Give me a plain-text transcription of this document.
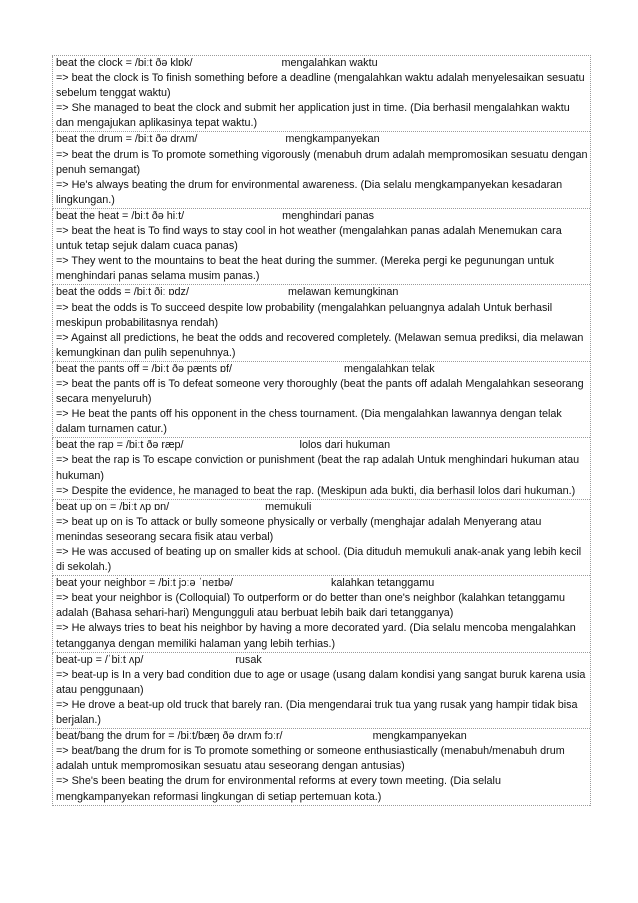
beat the clock = /biːt ðə klɒk/	mengalahkan waktu
=> beat the clock is To finish something before a deadline (mengalahkan waktu adalah menyelesaikan sesuatu sebelum tenggat waktu)
=> She managed to beat the clock and submit her application just in time. (Dia berhasil mengalahkan waktu dan mengajukan aplikasinya tepat waktu.)
beat the drum = /biːt ðə drʌm/	mengkampanyekan
=> beat the drum is To promote something vigorously (menabuh drum adalah mempromosikan sesuatu dengan penuh semangat)
=> He's always beating the drum for environmental awareness. (Dia selalu mengkampanyekan kesadaran lingkungan.)
beat the heat = /biːt ðə hiːt/	menghindari panas
=> beat the heat is To find ways to stay cool in hot weather (mengalahkan panas adalah Menemukan cara untuk tetap sejuk dalam cuaca panas)
=> They went to the mountains to beat the heat during the summer. (Mereka pergi ke pegunungan untuk menghindari panas selama musim panas.)
beat the odds = /biːt ðiː ɒdz/	melawan kemungkinan
=> beat the odds is To succeed despite low probability (mengalahkan peluangnya adalah Untuk berhasil meskipun probabilitasnya rendah)
=> Against all predictions, he beat the odds and recovered completely. (Melawan semua prediksi, dia melawan kemungkinan dan pulih sepenuhnya.)
beat the pants off = /biːt ðə pænts ɒf/	mengalahkan telak
=> beat the pants off is To defeat someone very thoroughly (beat the pants off adalah Mengalahkan seseorang secara menyeluruh)
=> He beat the pants off his opponent in the chess tournament. (Dia mengalahkan lawannya dengan telak dalam turnamen catur.)
beat the rap = /biːt ðə ræp/	lolos dari hukuman
=> beat the rap is To escape conviction or punishment (beat the rap adalah Untuk menghindari hukuman atau hukuman)
=> Despite the evidence, he managed to beat the rap. (Meskipun ada bukti, dia berhasil lolos dari hukuman.)
beat up on = /biːt ʌp ɒn/	memukuli
=> beat up on is To attack or bully someone physically or verbally (menghajar adalah Menyerang atau menindas seseorang secara fisik atau verbal)
=> He was accused of beating up on smaller kids at school. (Dia dituduh memukuli anak-anak yang lebih kecil di sekolah.)
beat your neighbor = /biːt jɔːə ˈneɪbə/	kalahkan tetanggamu
=> beat your neighbor is (Colloquial) To outperform or do better than one's neighbor (kalahkan tetanggamu adalah (Bahasa sehari-hari) Mengungguli atau berbuat lebih baik dari tetangganya)
=> He always tries to beat his neighbor by having a more decorated yard. (Dia selalu mencoba mengalahkan tetangganya dengan memiliki halaman yang lebih terhias.)
beat-up = /ˈbiːt ʌp/	rusak
=> beat-up is In a very bad condition due to age or usage (usang dalam kondisi yang sangat buruk karena usia atau penggunaan)
=> He drove a beat-up old truck that barely ran. (Dia mengendarai truk tua yang rusak yang hampir tidak bisa berjalan.)
beat/bang the drum for = /biːt/bæŋ ðə drʌm fɔːr/	mengkampanyekan
=> beat/bang the drum for is To promote something or someone enthusiastically (menabuh/menabuh drum adalah untuk mempromosikan sesuatu atau seseorang dengan antusias)
=> She's been beating the drum for environmental reforms at every town meeting. (Dia selalu mengkampanyekan reformasi lingkungan di setiap pertemuan kota.)
